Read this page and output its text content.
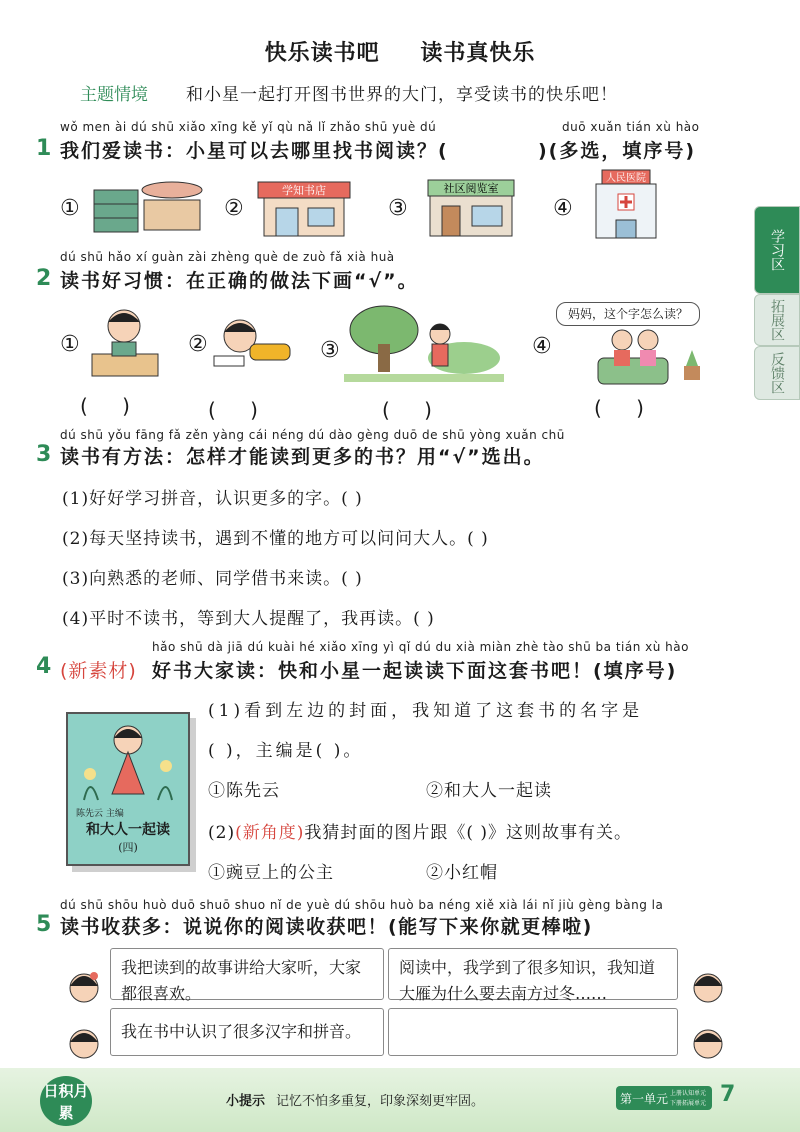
快乐读书吧 读书真快乐
主题情境 和小星一起打开图书世界的大门，享受读书的快乐吧！
学习区
拓展区
反馈区
wǒ men ài dú shū xiǎo xīng kě yǐ qù nǎ lǐ zhǎo shū yuè dú	duō xuǎn tián xù hào
1 我们爱读书：小星可以去哪里找书阅读？(	)(多选，填序号)
①	②	③	④
学知书店	社区阅览室
人民医院
dú shū hǎo xí guàn zài zhèng què de zuò fǎ xià huà
2 读书好习惯：在正确的做法下画“√”。
①	②	③	④
妈妈，这个字怎么读？
( )	( )	( )	( )
dú shū yǒu fāng fǎ zěn yàng cái néng dú dào gèng duō de shū yòng xuǎn chū
3 读书有方法：怎样才能读到更多的书？用“√”选出。
(1)好好学习拼音，认识更多的字。( )
(2)每天坚持读书，遇到不懂的地方可以问问大人。( )
(3)向熟悉的老师、同学借书来读。( )
(4)平时不读书，等到大人提醒了，我再读。( )
hǎo shū dà jiā dú kuài hé xiǎo xīng yì qǐ dú du xià miàn zhè tào shū ba tián xù hào
4 (新素材) 好书大家读：快和小星一起读读下面这套书吧！(填序号)
陈先云 主编
和大人一起读
(四)
(1)看到左边的封面，我知道了这套书的名字是
( )，主编是( )。
①陈先云	②和大人一起读
(2)(新角度)我猜封面的图片跟《( )》这则故事有关。
①豌豆上的公主	②小红帽
dú shū shōu huò duō shuō shuo nǐ de yuè dú shōu huò ba néng xiě xià lái nǐ jiù gèng bàng la
5 读书收获多：说说你的阅读收获吧！(能写下来你就更棒啦)
我把读到的故事讲给大家听，大家都很喜欢。
阅读中，我学到了很多知识，我知道大雁为什么要去南方过冬……
我在书中认识了很多汉字和拼音。
日积月累
小提示 记忆不怕多重复，印象深刻更牢固。	第一单元 上册认知单元
下册拓展单元 7
